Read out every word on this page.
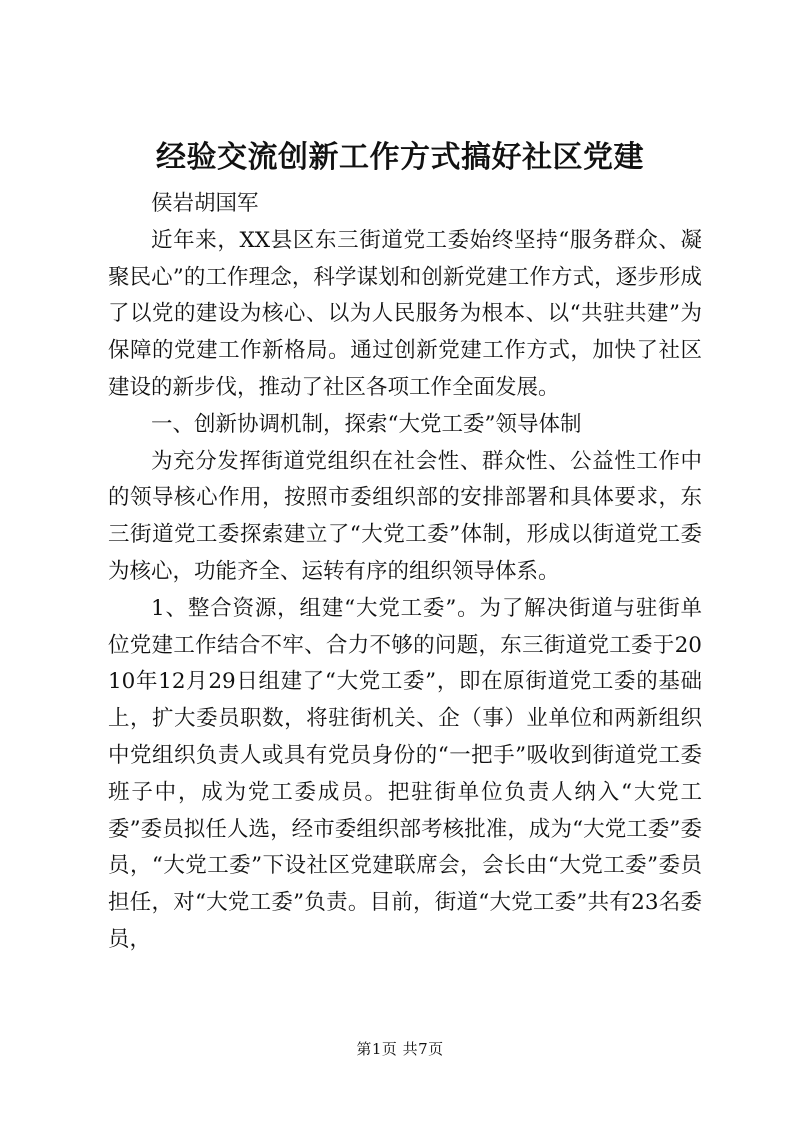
经验交流创新工作方式搞好社区党建

侯岩胡国军

近年来，XX县区东三街道党工委始终坚持“服务群众、凝聚民心”的工作理念，科学谋划和创新党建工作方式，逐步形成了以党的建设为核心、以为人民服务为根本、以“共驻共建”为保障的党建工作新格局。通过创新党建工作方式，加快了社区建设的新步伐，推动了社区各项工作全面发展。

一、创新协调机制，探索“大党工委”领导体制

为充分发挥街道党组织在社会性、群众性、公益性工作中的领导核心作用，按照市委组织部的安排部署和具体要求，东三街道党工委探索建立了“大党工委”体制，形成以街道党工委为核心，功能齐全、运转有序的组织领导体系。

1、整合资源，组建“大党工委”。为了解决街道与驻街单位党建工作结合不牢、合力不够的问题，东三街道党工委于2010年12月29日组建了“大党工委”，即在原街道党工委的基础上，扩大委员职数，将驻街机关、企（事）业单位和两新组织中党组织负责人或具有党员身份的“一把手”吸收到街道党工委班子中，成为党工委成员。把驻街单位负责人纳入“大党工委”委员拟任人选，经市委组织部考核批准，成为“大党工委”委员，“大党工委”下设社区党建联席会，会长由“大党工委”委员担任，对“大党工委”负责。目前，街道“大党工委”共有23名委员，

第1页 共7页
